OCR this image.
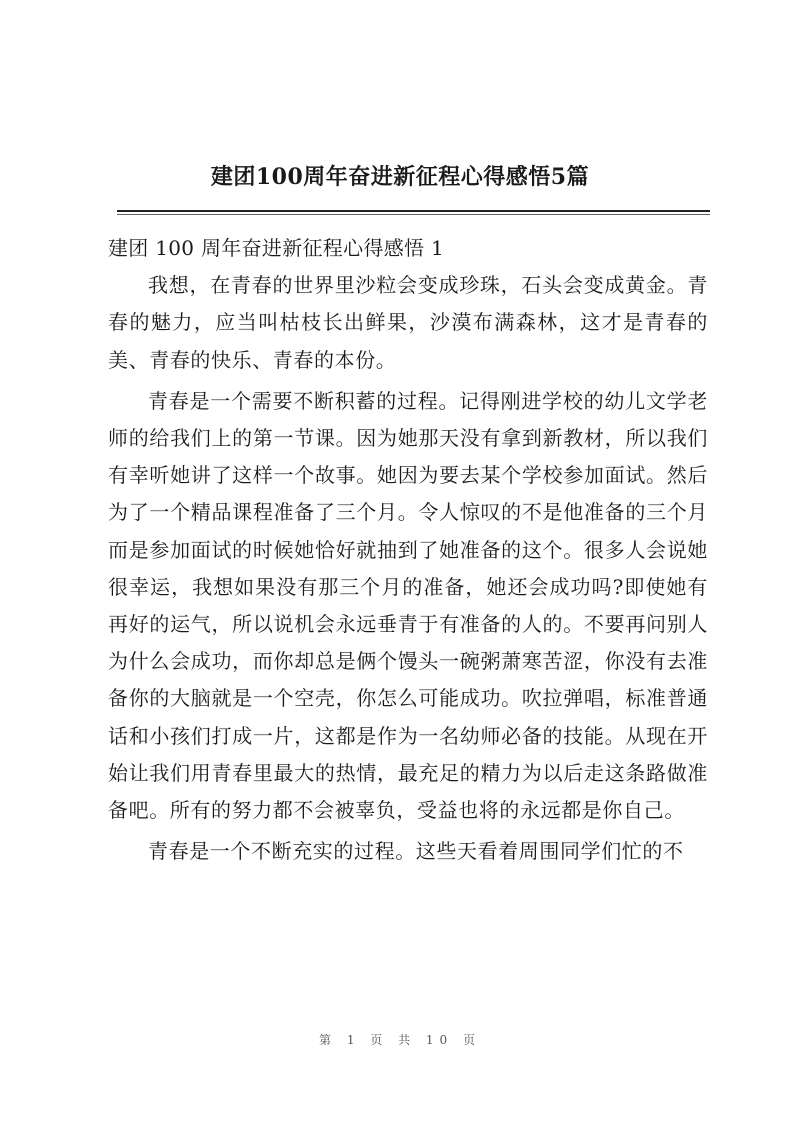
建团100周年奋进新征程心得感悟5篇

建团 100 周年奋进新征程心得感悟 1

我想，在青春的世界里沙粒会变成珍珠，石头会变成黄金。青春的魅力，应当叫枯枝长出鲜果，沙漠布满森林，这才是青春的美、青春的快乐、青春的本份。

青春是一个需要不断积蓄的过程。记得刚进学校的幼儿文学老师的给我们上的第一节课。因为她那天没有拿到新教材，所以我们有幸听她讲了这样一个故事。她因为要去某个学校参加面试。然后为了一个精品课程准备了三个月。令人惊叹的不是他准备的三个月而是参加面试的时候她恰好就抽到了她准备的这个。很多人会说她很幸运，我想如果没有那三个月的准备，她还会成功吗?即使她有再好的运气，所以说机会永远垂青于有准备的人的。不要再问别人为什么会成功，而你却总是俩个馒头一碗粥萧寒苦涩，你没有去准备你的大脑就是一个空壳，你怎么可能成功。吹拉弹唱，标准普通话和小孩们打成一片，这都是作为一名幼师必备的技能。从现在开始让我们用青春里最大的热情，最充足的精力为以后走这条路做准备吧。所有的努力都不会被辜负，受益也将的永远都是你自己。

青春是一个不断充实的过程。这些天看着周围同学们忙的不

第 1 页 共 10 页
